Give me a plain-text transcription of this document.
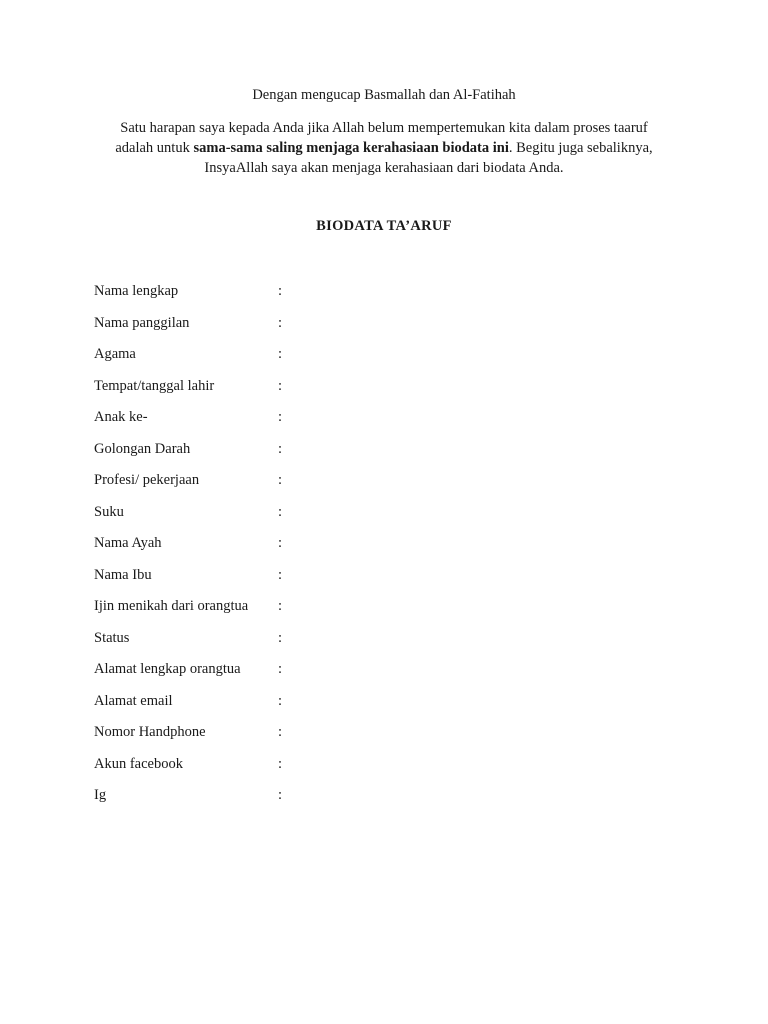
Dengan mengucap Basmallah dan Al-Fatihah
Satu harapan saya kepada Anda jika Allah belum mempertemukan kita dalam proses taaruf
adalah untuk sama-sama saling menjaga kerahasiaan biodata ini. Begitu juga sebaliknya,
InsyaAllah saya akan menjaga kerahasiaan dari biodata Anda.
BIODATA TA’ARUF
Nama lengkap	:
Nama panggilan	:
Agama	:
Tempat/tanggal lahir	:
Anak ke-	:
Golongan Darah	:
Profesi/ pekerjaan	:
Suku	:
Nama Ayah	:
Nama Ibu	:
Ijin menikah dari orangtua :
Status	:
Alamat lengkap orangtua	:
Alamat email	:
Nomor Handphone	:
Akun facebook	:
Ig	:
